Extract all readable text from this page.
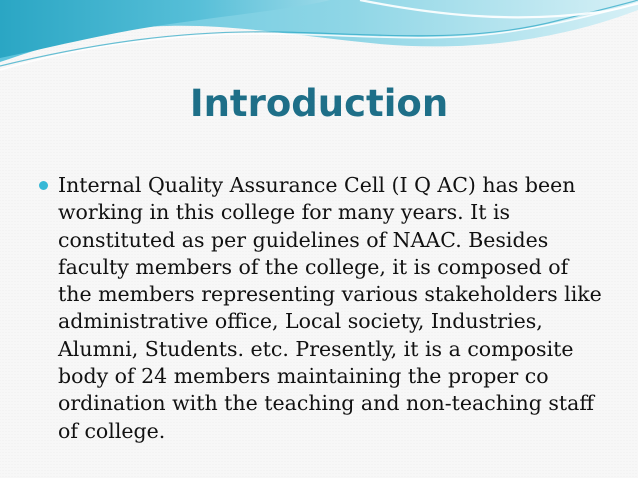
Introduction
Internal Quality Assurance Cell (I Q AC) has been working in this college for many years. It is constituted as per guidelines of NAAC. Besides faculty members of the college, it is composed of the members representing various stakeholders like administrative office, Local society, Industries, Alumni, Students. etc. Presently, it is a composite body of 24 members maintaining the proper co ordination with the teaching and non-teaching staff of college.
